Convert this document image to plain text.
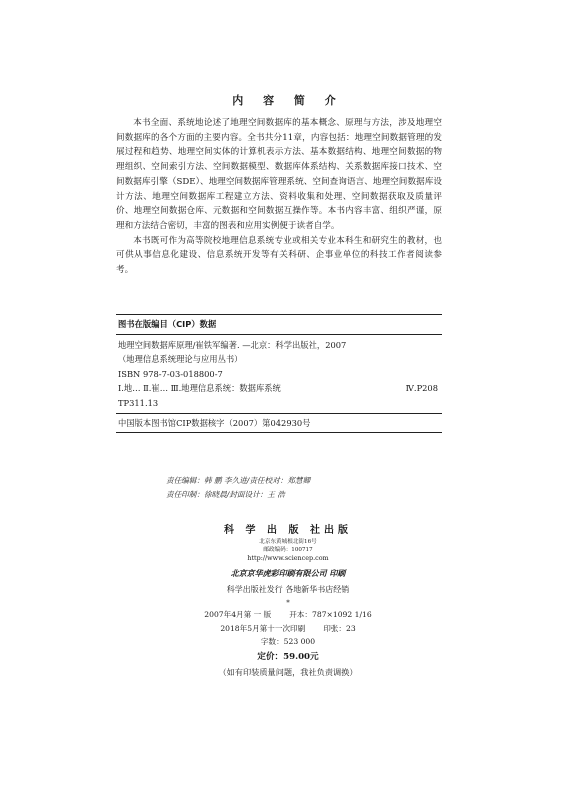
内 容 简 介

本书全面、系统地论述了地理空间数据库的基本概念、原理与方法，涉及地理空间数据库的各个方面的主要内容。全书共分11章，内容包括：地理空间数据管理的发展过程和趋势、地理空间实体的计算机表示方法、基本数据结构、地理空间数据的物理组织、空间索引方法、空间数据模型、数据库体系结构、关系数据库接口技术、空间数据库引擎（SDE）、地理空间数据库管理系统、空间查询语言、地理空间数据库设计方法、地理空间数据库工程建立方法、资料收集和处理、空间数据获取及质量评价、地理空间数据仓库、元数据和空间数据互操作等。本书内容丰富、组织严谨，原理和方法结合密切，丰富的图表和应用实例便于读者自学。

本书既可作为高等院校地理信息系统专业或相关专业本科生和研究生的教材，也可供从事信息化建设、信息系统开发等有关科研、企事业单位的科技工作者阅读参考。

图书在版编目（CIP）数据
地理空间数据库原理/崔铁军编著. —北京：科学出版社，2007
（地理信息系统理论与应用丛书）
ISBN 978-7-03-018800-7
Ⅰ.地… Ⅱ.崔… Ⅲ.地理信息系统：数据库系统	Ⅳ.P208
TP311.13
中国版本图书馆CIP数据核字（2007）第042930号
责任编辑：韩 鹏 李久进/责任校对：郑慧卿
责任印制：徐晓晨/封面设计：王 浩
科 学 出 版 社出版
北京东黄城根北街16号
邮政编码：100717
http://www.sciencep.com
北京京华虎彩印刷有限公司 印刷
科学出版社发行 各地新华书店经销
*
2007年4月第 一 版 开本：787×1092 1/16
2018年5月第十一次印刷 印张：23
字数：523 000
定价：59.00元
（如有印装质量问题，我社负责调换）
